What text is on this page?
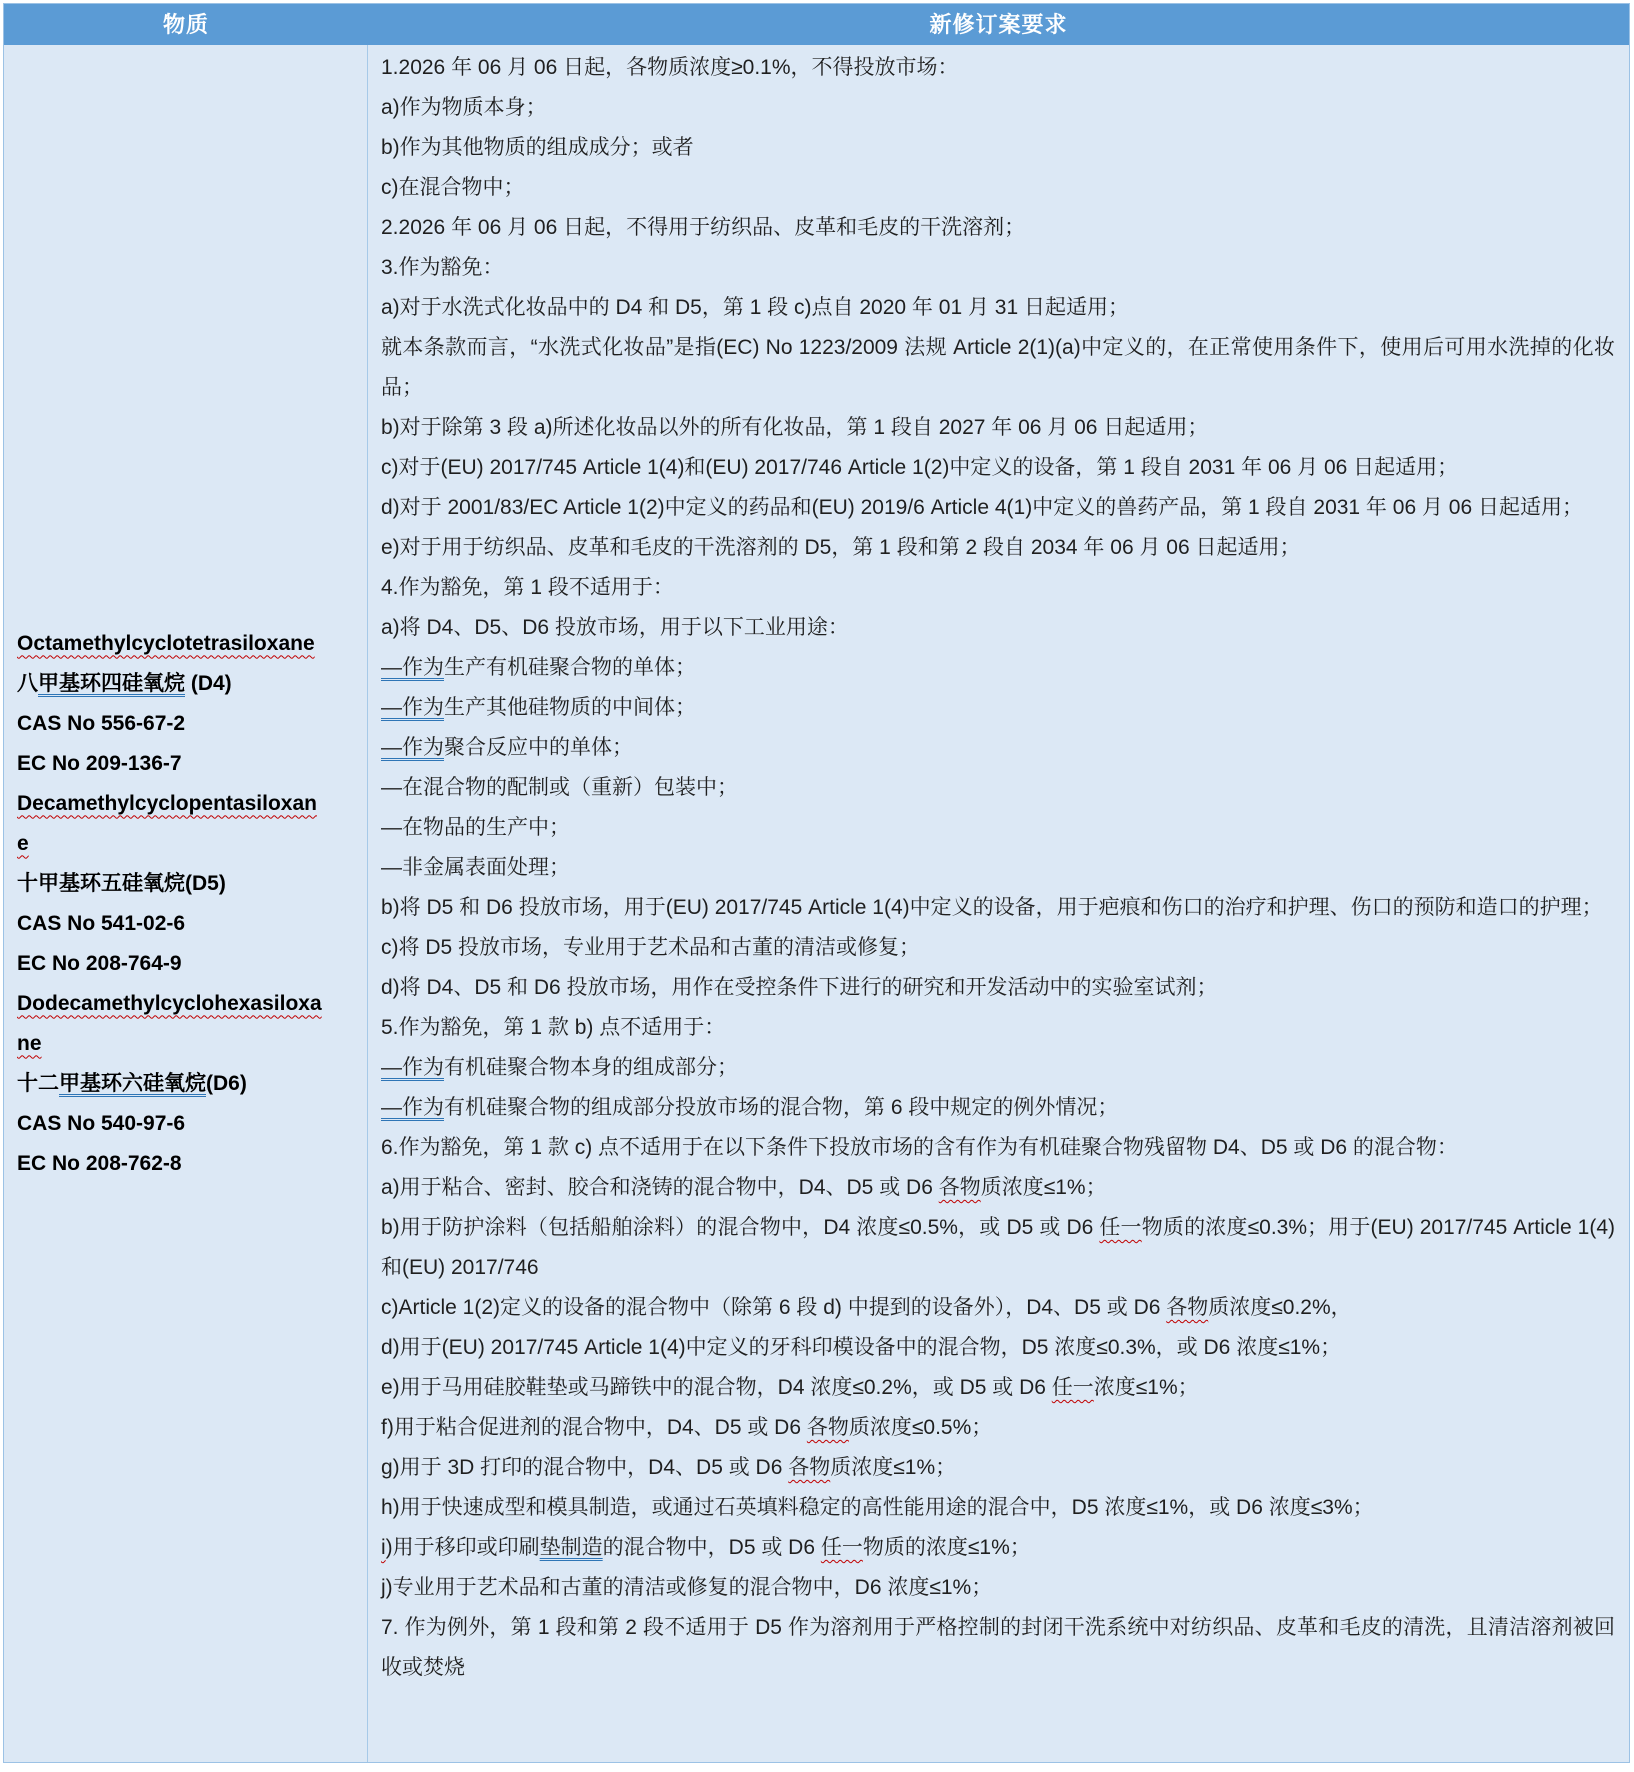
物质	新修订案要求
Octamethylcyclotetrasiloxane
八甲基环四硅氧烷 (D4)
CAS No 556-67-2
EC No 209-136-7
Decamethylcyclopentasiloxan
e
十甲基环五硅氧烷(D5)
CAS No 541-02-6
EC No 208-764-9
Dodecamethylcyclohexasiloxa
ne
十二甲基环六硅氧烷(D6)
CAS No 540-97-6
EC No 208-762-8
1.2026 年 06 月 06 日起，各物质浓度≥0.1%，不得投放市场：
a)作为物质本身；
b)作为其他物质的组成成分；或者
c)在混合物中；
2.2026 年 06 月 06 日起，不得用于纺织品、皮革和毛皮的干洗溶剂；
3.作为豁免：
a)对于水洗式化妆品中的 D4 和 D5，第 1 段 c)点自 2020 年 01 月 31 日起适用；
就本条款而言，“水洗式化妆品”是指(EC) No 1223/2009 法规 Article 2(1)(a)中定义的，在正常使用条件下，使用后可用水洗掉的化妆品；
b)对于除第 3 段 a)所述化妆品以外的所有化妆品，第 1 段自 2027 年 06 月 06 日起适用；
c)对于(EU) 2017/745 Article 1(4)和(EU) 2017/746 Article 1(2)中定义的设备，第 1 段自 2031 年 06 月 06 日起适用；
d)对于 2001/83/EC Article 1(2)中定义的药品和(EU) 2019/6 Article 4(1)中定义的兽药产品，第 1 段自 2031 年 06 月 06 日起适用；
e)对于用于纺织品、皮革和毛皮的干洗溶剂的 D5，第 1 段和第 2 段自 2034 年 06 月 06 日起适用；
4.作为豁免，第 1 段不适用于：
a)将 D4、D5、D6 投放市场，用于以下工业用途：
—作为生产有机硅聚合物的单体；
—作为生产其他硅物质的中间体；
—作为聚合反应中的单体；
—在混合物的配制或（重新）包装中；
—在物品的生产中；
—非金属表面处理；
b)将 D5 和 D6 投放市场，用于(EU) 2017/745 Article 1(4)中定义的设备，用于疤痕和伤口的治疗和护理、伤口的预防和造口的护理；
c)将 D5 投放市场，专业用于艺术品和古董的清洁或修复；
d)将 D4、D5 和 D6 投放市场，用作在受控条件下进行的研究和开发活动中的实验室试剂；
5.作为豁免，第 1 款 b) 点不适用于：
—作为有机硅聚合物本身的组成部分；
—作为有机硅聚合物的组成部分投放市场的混合物，第 6 段中规定的例外情况；
6.作为豁免，第 1 款 c) 点不适用于在以下条件下投放市场的含有作为有机硅聚合物残留物 D4、D5 或 D6 的混合物：
a)用于粘合、密封、胶合和浇铸的混合物中，D4、D5 或 D6 各物质浓度≤1%；
b)用于防护涂料（包括船舶涂料）的混合物中，D4 浓度≤0.5%，或 D5 或 D6 任一物质的浓度≤0.3%；用于(EU) 2017/745 Article 1(4)和(EU) 2017/746
c)Article 1(2)定义的设备的混合物中（除第 6 段 d) 中提到的设备外），D4、D5 或 D6 各物质浓度≤0.2%，
d)用于(EU) 2017/745 Article 1(4)中定义的牙科印模设备中的混合物，D5 浓度≤0.3%，或 D6 浓度≤1%；
e)用于马用硅胶鞋垫或马蹄铁中的混合物，D4 浓度≤0.2%，或 D5 或 D6 任一浓度≤1%；
f)用于粘合促进剂的混合物中，D4、D5 或 D6 各物质浓度≤0.5%；
g)用于 3D 打印的混合物中，D4、D5 或 D6 各物质浓度≤1%；
h)用于快速成型和模具制造，或通过石英填料稳定的高性能用途的混合中，D5 浓度≤1%，或 D6 浓度≤3%；
i)用于移印或印刷垫制造的混合物中，D5 或 D6 任一物质的浓度≤1%；
j)专业用于艺术品和古董的清洁或修复的混合物中，D6 浓度≤1%；
7. 作为例外，第 1 段和第 2 段不适用于 D5 作为溶剂用于严格控制的封闭干洗系统中对纺织品、皮革和毛皮的清洗，且清洁溶剂被回收或焚烧
